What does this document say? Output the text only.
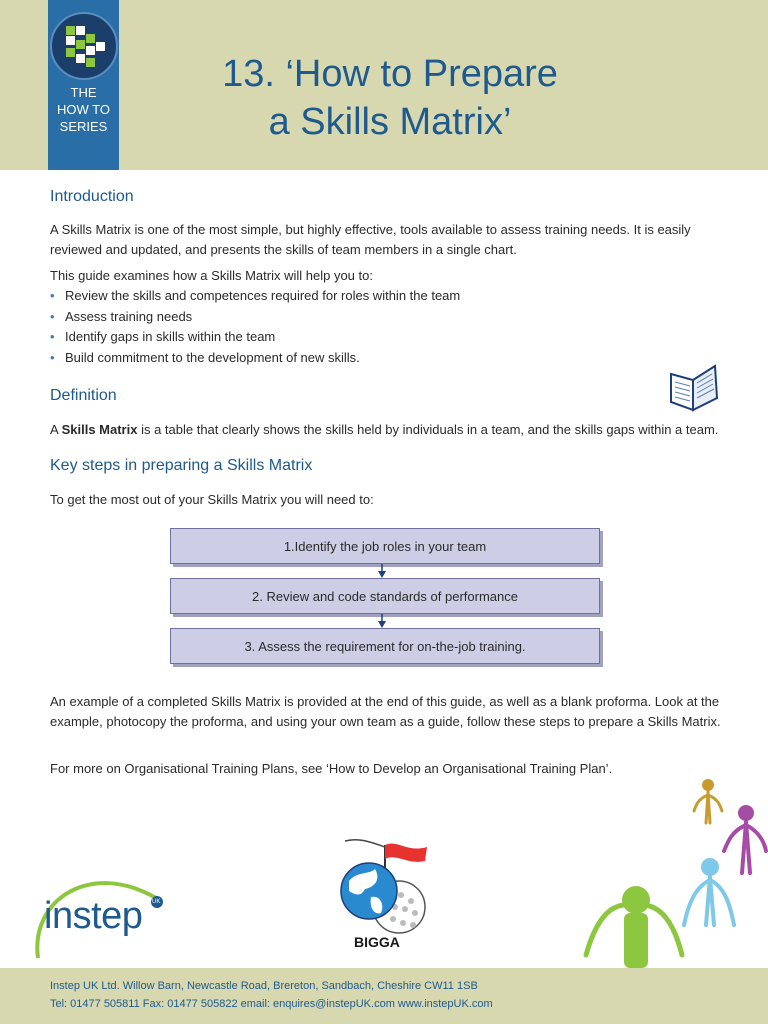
THE
HOW TO
SERIES
13. ‘How to Prepare
a Skills Matrix’
Introduction

A Skills Matrix is one of the most simple, but highly effective, tools available to assess training needs. It is easily reviewed and updated, and presents the skills of team members in a single chart.

This guide examines how a Skills Matrix will help you to:

• Review the skills and competences required for roles within the team
• Assess training needs
• Identify gaps in skills within the team
• Build commitment to the development of new skills.
Definition

A Skills Matrix is a table that clearly shows the skills held by individuals in a team, and the skills gaps within a team.

Key steps in preparing a Skills Matrix

To get the most out of your Skills Matrix you will need to:

1.Identify the job roles in your team
2. Review and code standards of performance
3. Assess the requirement for on-the-job training.

An example of a completed Skills Matrix is provided at the end of this guide, as well as a blank proforma. Look at the example, photocopy the proforma, and using your own team as a guide, follow these steps to prepare a Skills Matrix.

For more on Organisational Training Plans, see ‘How to Develop an Organisational Training Plan’.

instep UK
BIGGA

Instep UK Ltd. Willow Barn, Newcastle Road, Brereton, Sandbach, Cheshire CW11 1SB

Tel: 01477 505811 Fax: 01477 505822 email: enquires@instepUK.com www.instepUK.com
